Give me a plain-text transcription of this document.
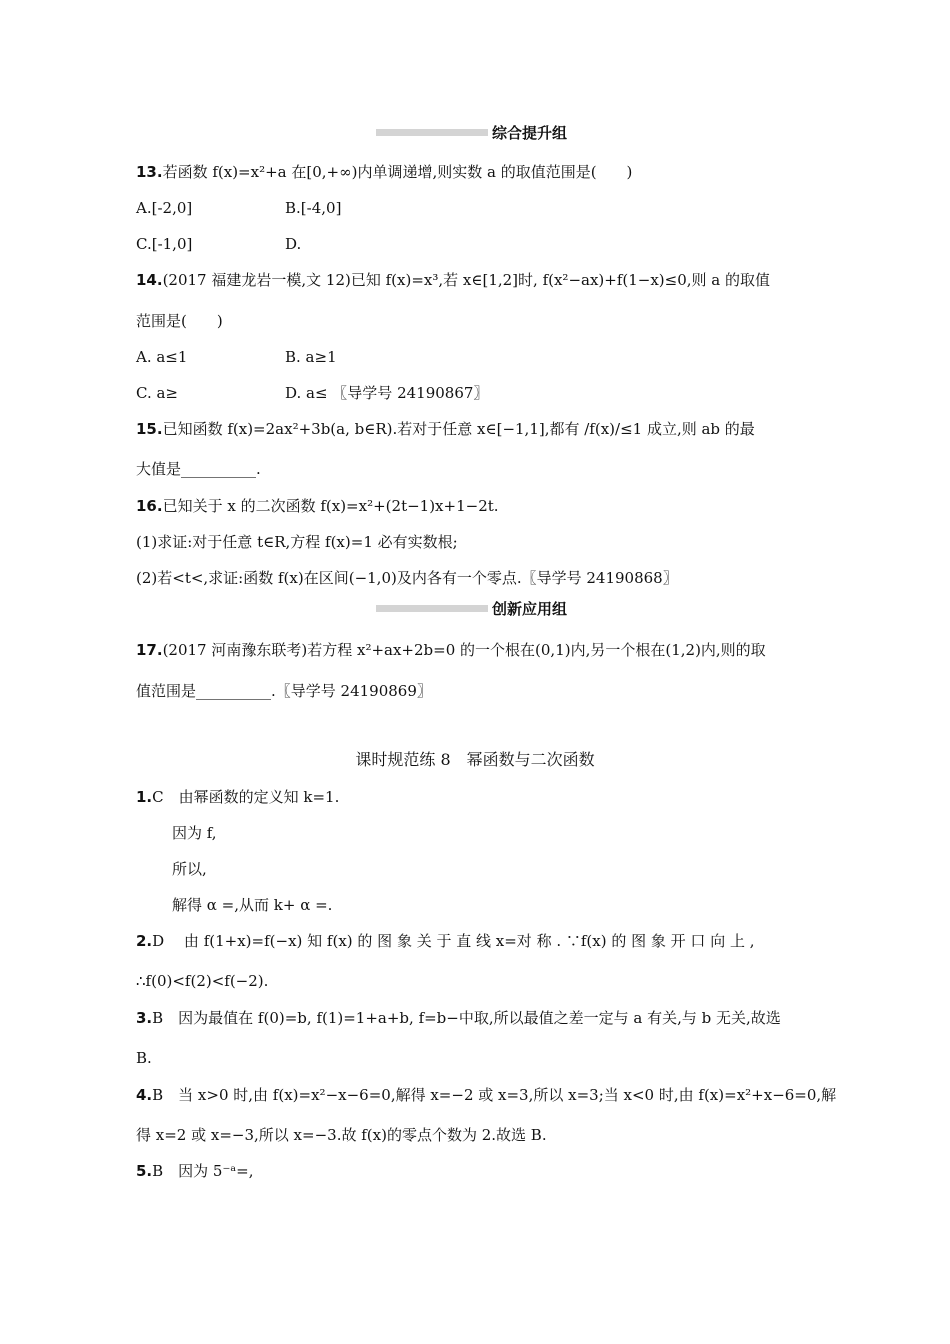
综合提升组
13.若函数 f(x)=x²+a 在[0,+∞)内单调递增,则实数 a 的取值范围是(　　)
A.[-2,0]	B.[-4,0]
C.[-1,0]	D.
14.(2017 福建龙岩一模,文 12)已知 f(x)=x³,若 x∈[1,2]时, f(x²−ax)+f(1−x)≤0,则 a 的取值
范围是(　　)
A. a≤1	B. a≥1
C. a≥	D. a≤ 〖导学号 24190867〗
15.已知函数 f(x)=2ax²+3b(a, b∈R).若对于任意 x∈[−1,1],都有 /f(x)/≤1 成立,则 ab 的最
大值是__________.
16.已知关于 x 的二次函数 f(x)=x²+(2t−1)x+1−2t.
(1)求证:对于任意 t∈R,方程 f(x)=1 必有实数根;
(2)若<t<,求证:函数 f(x)在区间(−1,0)及内各有一个零点.〖导学号 24190868〗
创新应用组
17.(2017 河南豫东联考)若方程 x²+ax+2b=0 的一个根在(0,1)内,另一个根在(1,2)内,则的取
值范围是__________.〖导学号 24190869〗
课时规范练 8　幂函数与二次函数
1.C　由幂函数的定义知 k=1.
因为 f,
所以,
解得 α =,从而 k+ α =.
2.D　 由 f(1+x)=f(−x) 知 f(x) 的 图 象 关 于 直 线 x=对 称 . ∵f(x) 的 图 象 开 口 向 上 ,
∴f(0)<f(2)<f(−2).
3.B　因为最值在 f(0)=b, f(1)=1+a+b, f=b−中取,所以最值之差一定与 a 有关,与 b 无关,故选
B.
4.B　当 x>0 时,由 f(x)=x²−x−6=0,解得 x=−2 或 x=3,所以 x=3;当 x<0 时,由 f(x)=x²+x−6=0,解
得 x=2 或 x=−3,所以 x=−3.故 f(x)的零点个数为 2.故选 B.
5.B　因为 5⁻ᵃ=,
